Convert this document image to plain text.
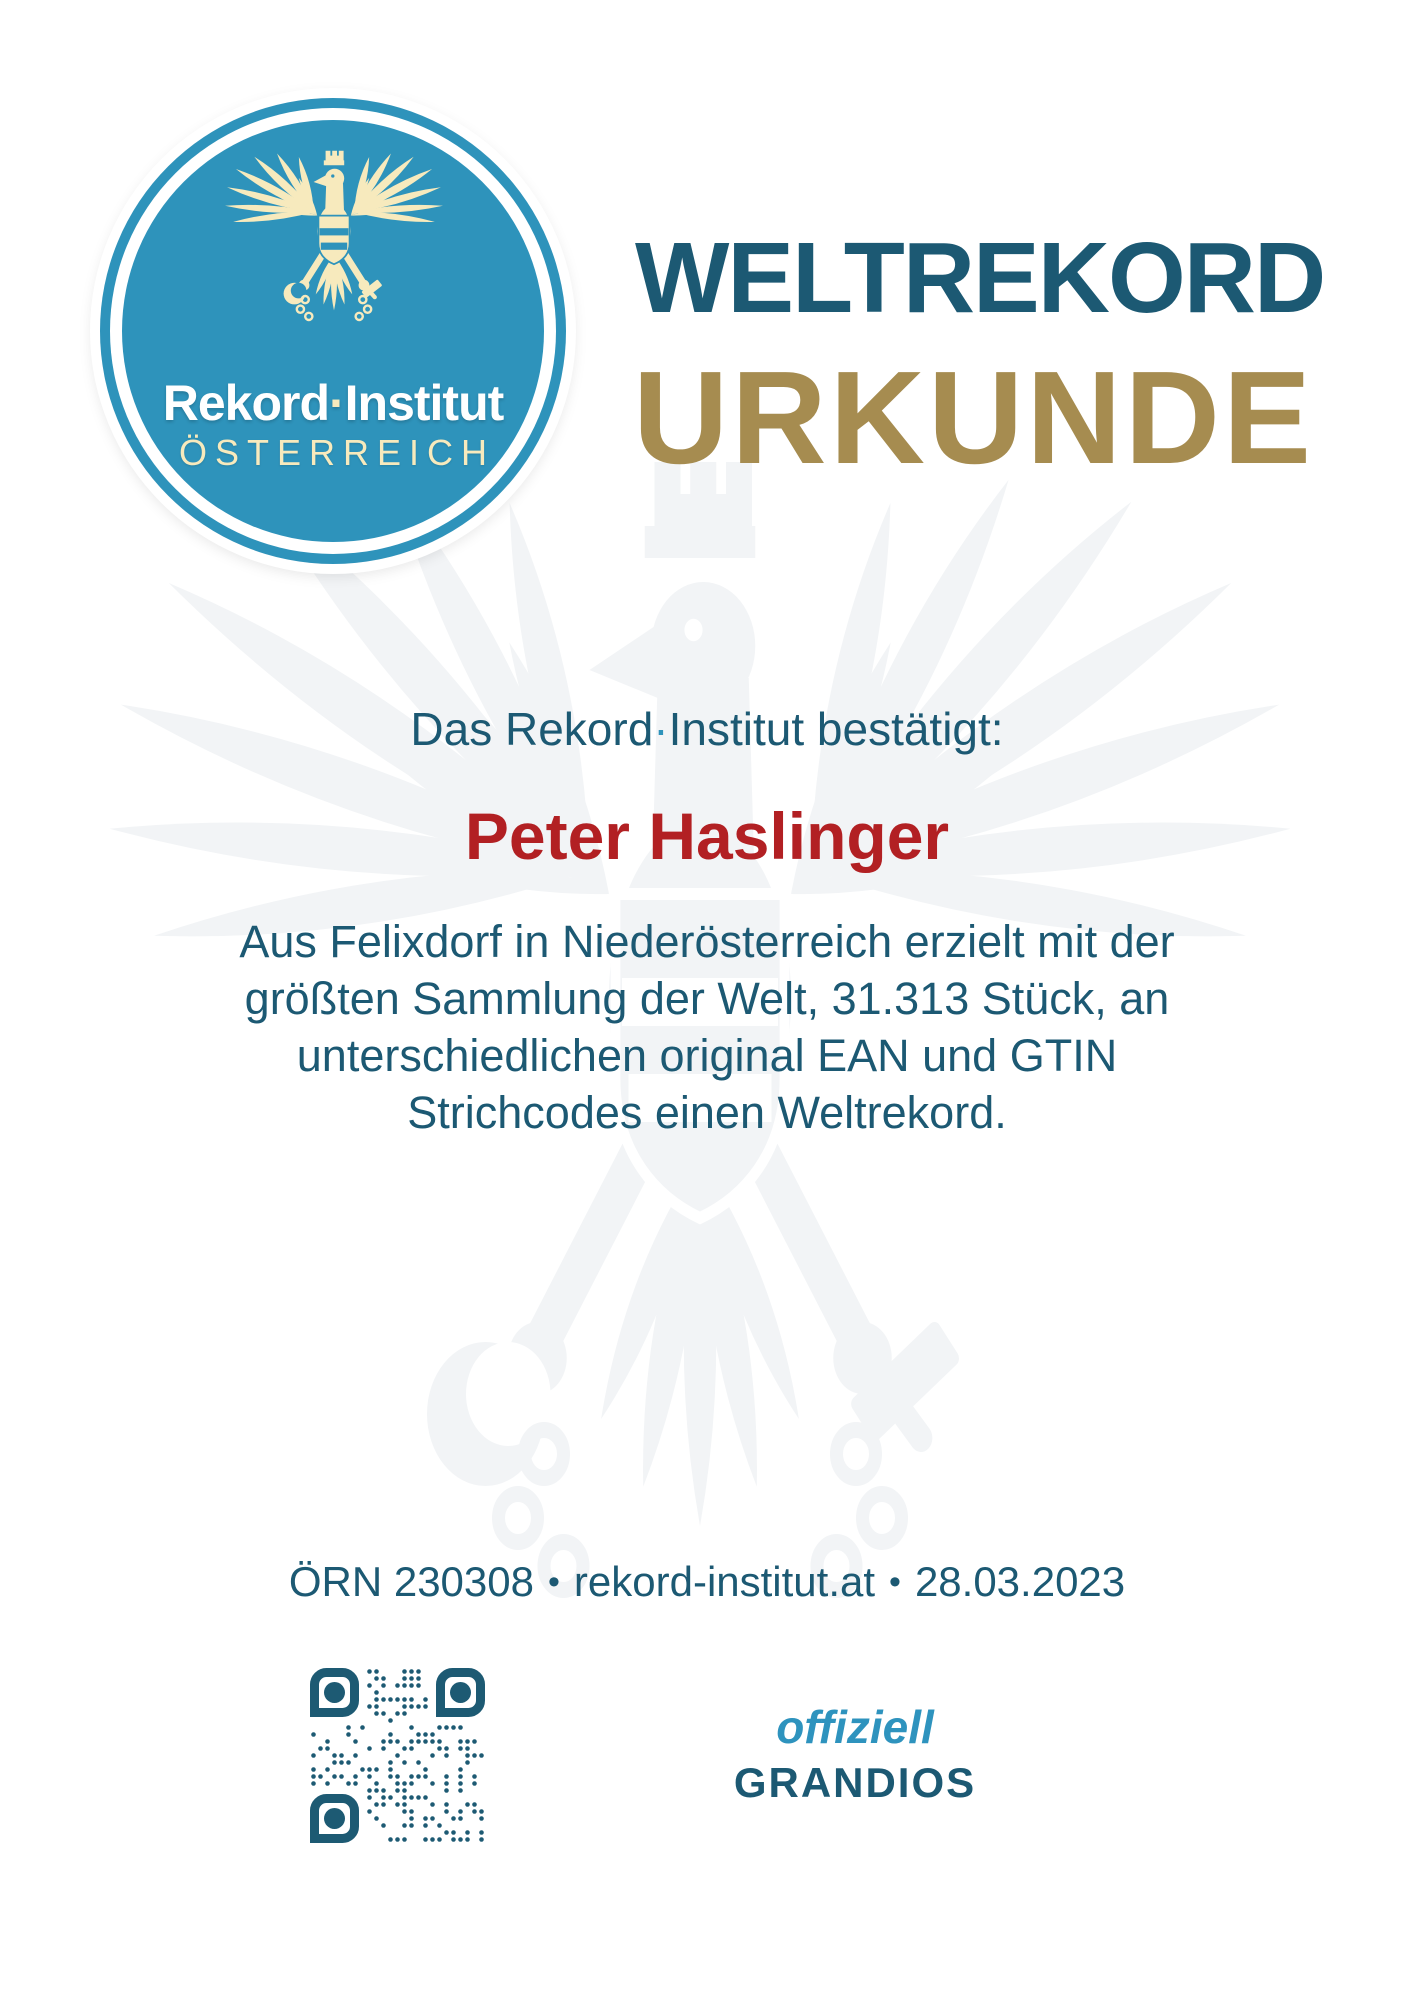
Rekord·Institut
ÖSTERREICH
WELTREKORD
URKUNDE
Das Rekord·Institut bestätigt:
Peter Haslinger
Aus Felixdorf in Niederösterreich erzielt mit der
größten Sammlung der Welt, 31.313 Stück, an
unterschiedlichen original EAN und GTIN
Strichcodes einen Weltrekord.
ÖRN 230308 • rekord-institut.at • 28.03.2023
offiziell
GRANDIOS
